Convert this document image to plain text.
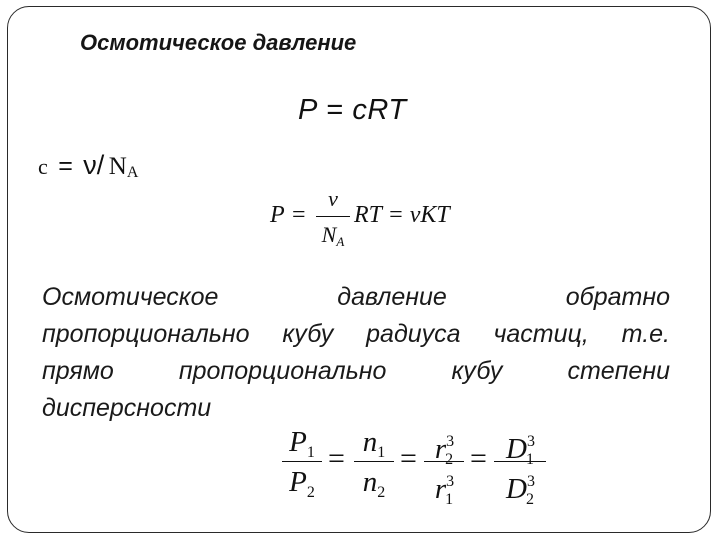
Осмотическое давление
P = cRT
c = ν/ $N_A$
P =
ν
$N_A$
RT = νKT
Осмотическое давление обратно
пропорционально кубу радиуса частиц, т.е.
прямо пропорционально кубу степени
дисперсности
$P_1$
$P_2$
= $n_1$
$n_2$
= $r^3_2$
$r^3_1$
= $D^3_1$
$D^3_2$
